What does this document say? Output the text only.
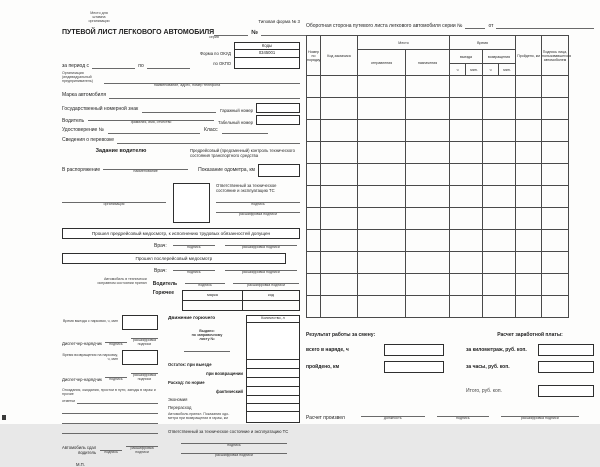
Место для
штампа
организации	Типовая форма № 3
ПУТЕВОЙ ЛИСТ ЛЕГКОВОГО АВТОМОБИЛЯ	№
серия
за период с	по
Коды
Форма по ОКУД	0345001
по ОКПО
Организация
(индивидуальный
предприниматель)
наименование, адрес, номер телефона
Марка автомобиля
Государственный номерной знак	Гаражный номер
Водитель	фамилия, имя, отчество	Табельный номер
Удостоверение №	Класс
Сведения о перевозке
Задание водителю	Предрейсовый (предсменный) контроль технического состояния транспортного средства
В распоряжение	наименование	Показание одометра, км
организация
Ответственный за техническое состояние и эксплуатацию ТС
подпись
расшифровка подписи
Прошел предрейсовый медосмотр, к исполнению трудовых обязанностей допущен
Врач:	подпись	расшифровка подписи
Прошел послерейсовый медосмотр
Врач:	подпись	расшифровка подписи
Автомобиль в технически
исправном состоянии принял Водитель	подпись	расшифровка подписи
Горючее	марка	код

Время выезда с парковки, ч, мин
Диспетчер-нарядчик	подпись
расшифровка подписи
Время возвращения на парковку, ч, мин
Диспетчер-нарядчик	подпись
расшифровка подписи
Опоздания, ожидания, простои в пути, заезды в гараж и прочие
отметки
Автомобиль сдал
водитель	подпись
расшифровка подписи
М.П.
Движение горючего	Количество, л
Выдано:
по заправочному
листу №
Остаток: при выезде
при возвращении
Расход: по норме
фактический
Экономия
Перерасход
Автомобиль принял. Показания одо-
метра при возвращении в гараж, км
Ответственный за техническое состояние и эксплуатацию ТС
подпись
расшифровка подписи
Оборотная сторона путевого листа легкового автомобиля серии №	от
Номер по порядку	Код заказчика	Место		Время				Пройдено, км	Подпись лица, пользовавшегося автомобилем
		отправления	назначения	выезда		возвращения			
				ч	мин.	ч	мин.		

Результат работы за смену:
всего в наряде, ч
пройдено, км
Расчет заработной платы:
за километраж, руб. коп.
за часы, руб. коп.
Итого, руб. коп.
Расчет произвел	должность	подпись	расшифровка подписи
